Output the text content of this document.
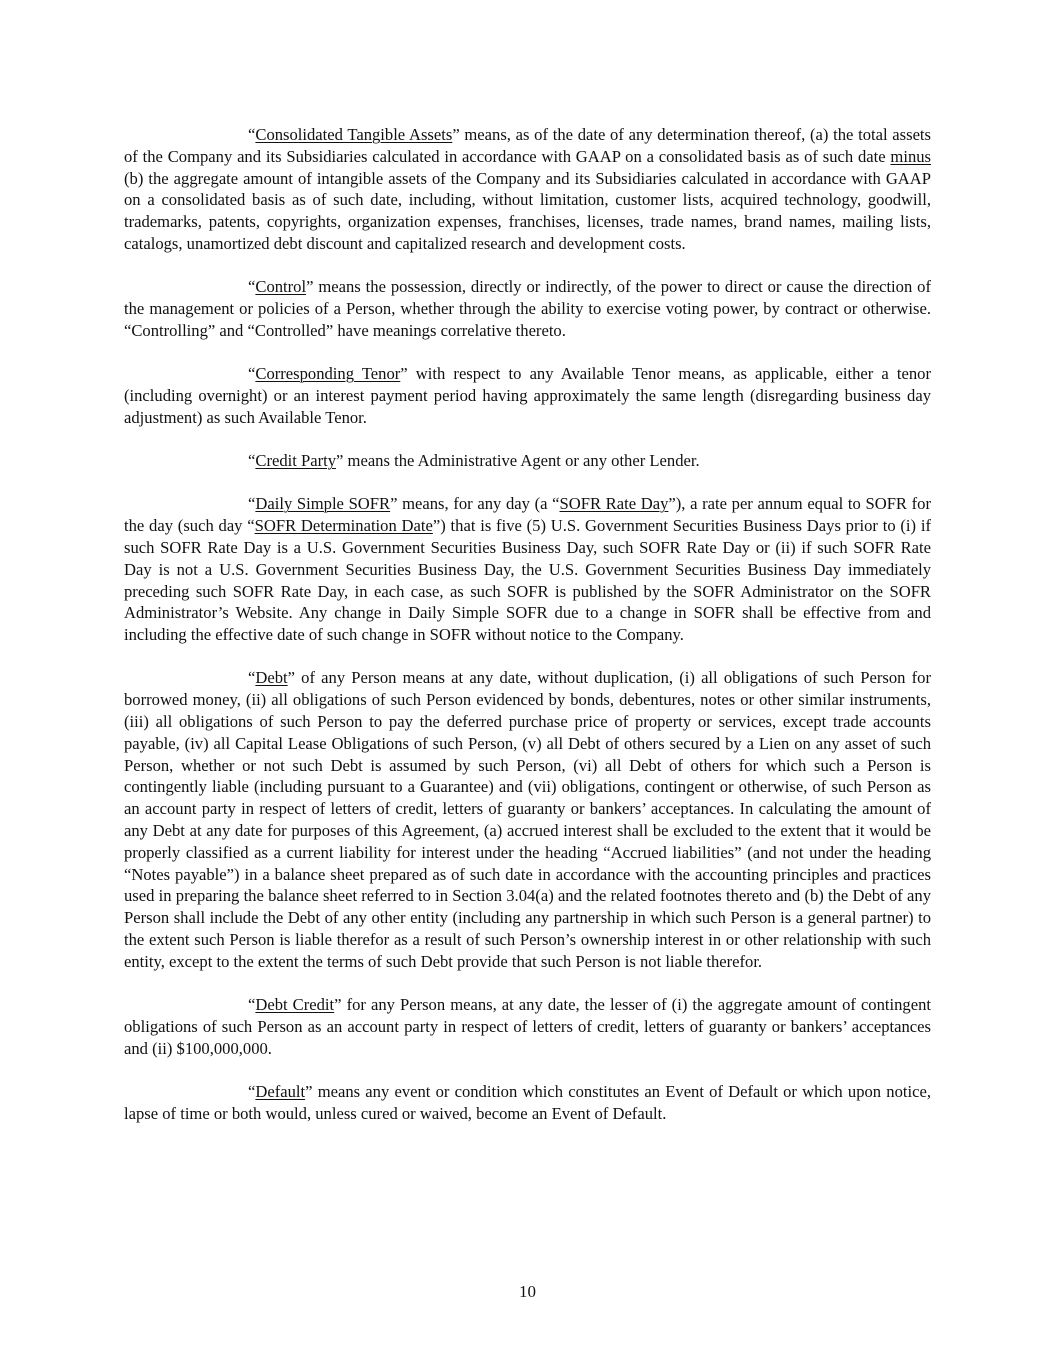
“Consolidated Tangible Assets” means, as of the date of any determination thereof, (a) the total assets of the Company and its Subsidiaries calculated in accordance with GAAP on a consolidated basis as of such date minus (b) the aggregate amount of intangible assets of the Company and its Subsidiaries calculated in accordance with GAAP on a consolidated basis as of such date, including, without limitation, customer lists, acquired technology, goodwill, trademarks, patents, copyrights, organization expenses, franchises, licenses, trade names, brand names, mailing lists, catalogs, unamortized debt discount and capitalized research and development costs.

“Control” means the possession, directly or indirectly, of the power to direct or cause the direction of the management or policies of a Person, whether through the ability to exercise voting power, by contract or otherwise. “Controlling” and “Controlled” have meanings correlative thereto.

“Corresponding Tenor” with respect to any Available Tenor means, as applicable, either a tenor (including overnight) or an interest payment period having approximately the same length (disregarding business day adjustment) as such Available Tenor.

“Credit Party” means the Administrative Agent or any other Lender.

“Daily Simple SOFR” means, for any day (a “SOFR Rate Day”), a rate per annum equal to SOFR for the day (such day “SOFR Determination Date”) that is five (5) U.S. Government Securities Business Days prior to (i) if such SOFR Rate Day is a U.S. Government Securities Business Day, such SOFR Rate Day or (ii) if such SOFR Rate Day is not a U.S. Government Securities Business Day, the U.S. Government Securities Business Day immediately preceding such SOFR Rate Day, in each case, as such SOFR is published by the SOFR Administrator on the SOFR Administrator’s Website. Any change in Daily Simple SOFR due to a change in SOFR shall be effective from and including the effective date of such change in SOFR without notice to the Company.

“Debt” of any Person means at any date, without duplication, (i) all obligations of such Person for borrowed money, (ii) all obligations of such Person evidenced by bonds, debentures, notes or other similar instruments, (iii) all obligations of such Person to pay the deferred purchase price of property or services, except trade accounts payable, (iv) all Capital Lease Obligations of such Person, (v) all Debt of others secured by a Lien on any asset of such Person, whether or not such Debt is assumed by such Person, (vi) all Debt of others for which such a Person is contingently liable (including pursuant to a Guarantee) and (vii) obligations, contingent or otherwise, of such Person as an account party in respect of letters of credit, letters of guaranty or bankers’ acceptances. In calculating the amount of any Debt at any date for purposes of this Agreement, (a) accrued interest shall be excluded to the extent that it would be properly classified as a current liability for interest under the heading “Accrued liabilities” (and not under the heading “Notes payable”) in a balance sheet prepared as of such date in accordance with the accounting principles and practices used in preparing the balance sheet referred to in Section 3.04(a) and the related footnotes thereto and (b) the Debt of any Person shall include the Debt of any other entity (including any partnership in which such Person is a general partner) to the extent such Person is liable therefor as a result of such Person’s ownership interest in or other relationship with such entity, except to the extent the terms of such Debt provide that such Person is not liable therefor.

“Debt Credit” for any Person means, at any date, the lesser of (i) the aggregate amount of contingent obligations of such Person as an account party in respect of letters of credit, letters of guaranty or bankers’ acceptances and (ii) $100,000,000.

“Default” means any event or condition which constitutes an Event of Default or which upon notice, lapse of time or both would, unless cured or waived, become an Event of Default.

10
